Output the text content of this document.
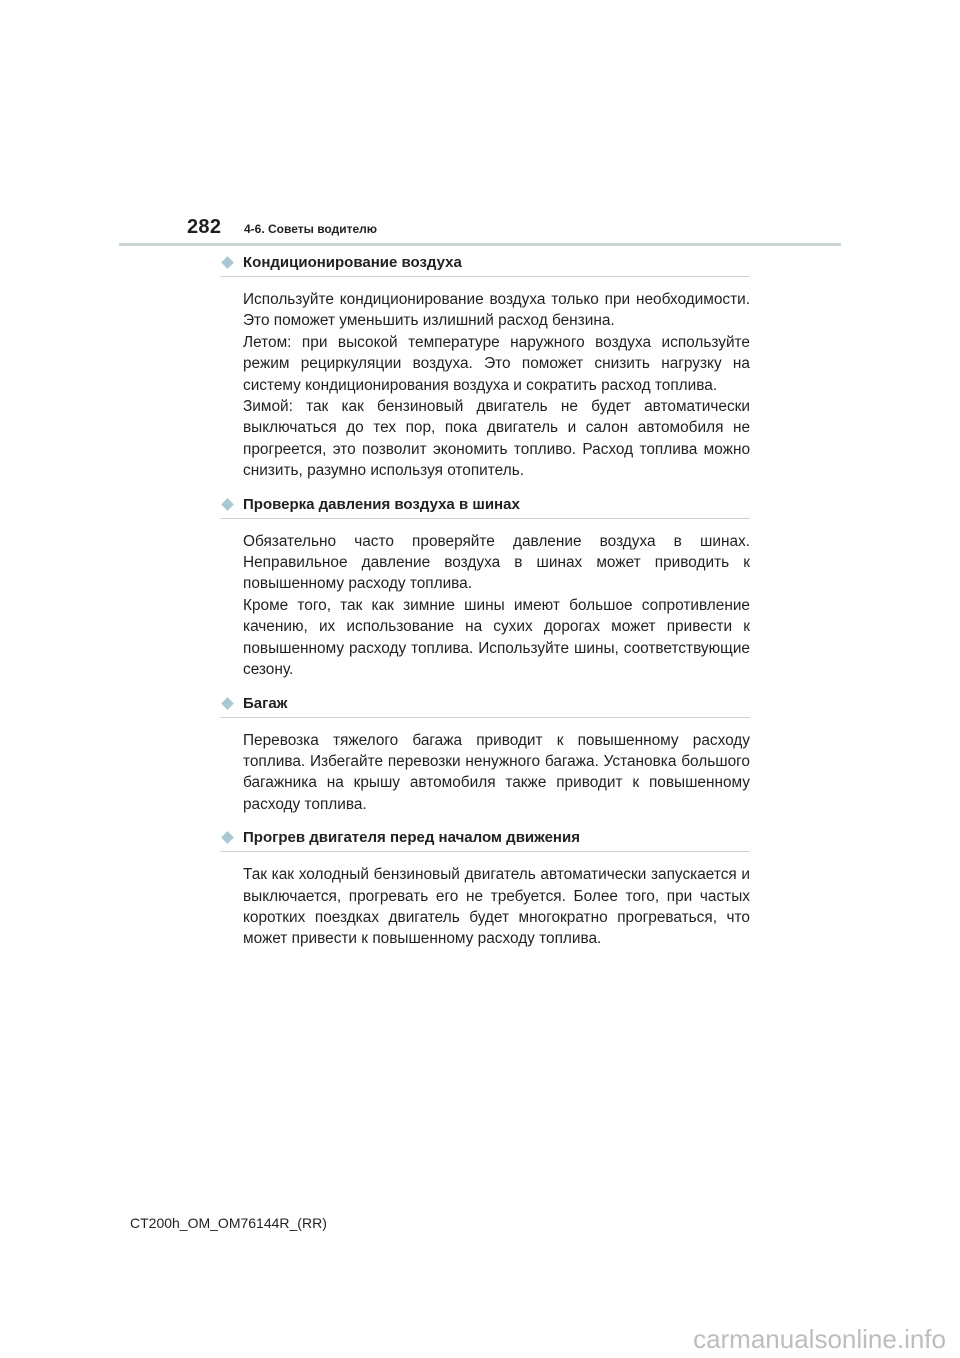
282 4-6. Советы водителю
Кондиционирование воздуха

Используйте кондиционирование воздуха только при необходимости. Это поможет уменьшить излишний расход бензина.

Летом: при высокой температуре наружного воздуха используйте режим рециркуляции воздуха. Это поможет снизить нагрузку на систему кондиционирования воздуха и сократить расход топлива.

Зимой: так как бензиновый двигатель не будет автоматически выключаться до тех пор, пока двигатель и салон автомобиля не прогреется, это позволит экономить топливо. Расход топлива можно снизить, разумно используя отопитель.

Проверка давления воздуха в шинах

Обязательно часто проверяйте давление воздуха в шинах. Неправильное давление воздуха в шинах может приводить к повышенному расходу топлива.

Кроме того, так как зимние шины имеют большое сопротивление качению, их использование на сухих дорогах может привести к повышенному расходу топлива. Используйте шины, соответствующие сезону.

Багаж

Перевозка тяжелого багажа приводит к повышенному расходу топлива. Избегайте перевозки ненужного багажа. Установка большого багажника на крышу автомобиля также приводит к повышенному расходу топлива.

Прогрев двигателя перед началом движения

Так как холодный бензиновый двигатель автоматически запускается и выключается, прогревать его не требуется. Более того, при частых коротких поездках двигатель будет многократно прогреваться, что может привести к повышенному расходу топлива.

CT200h_OM_OM76144R_(RR)
carmanualsonline.info
